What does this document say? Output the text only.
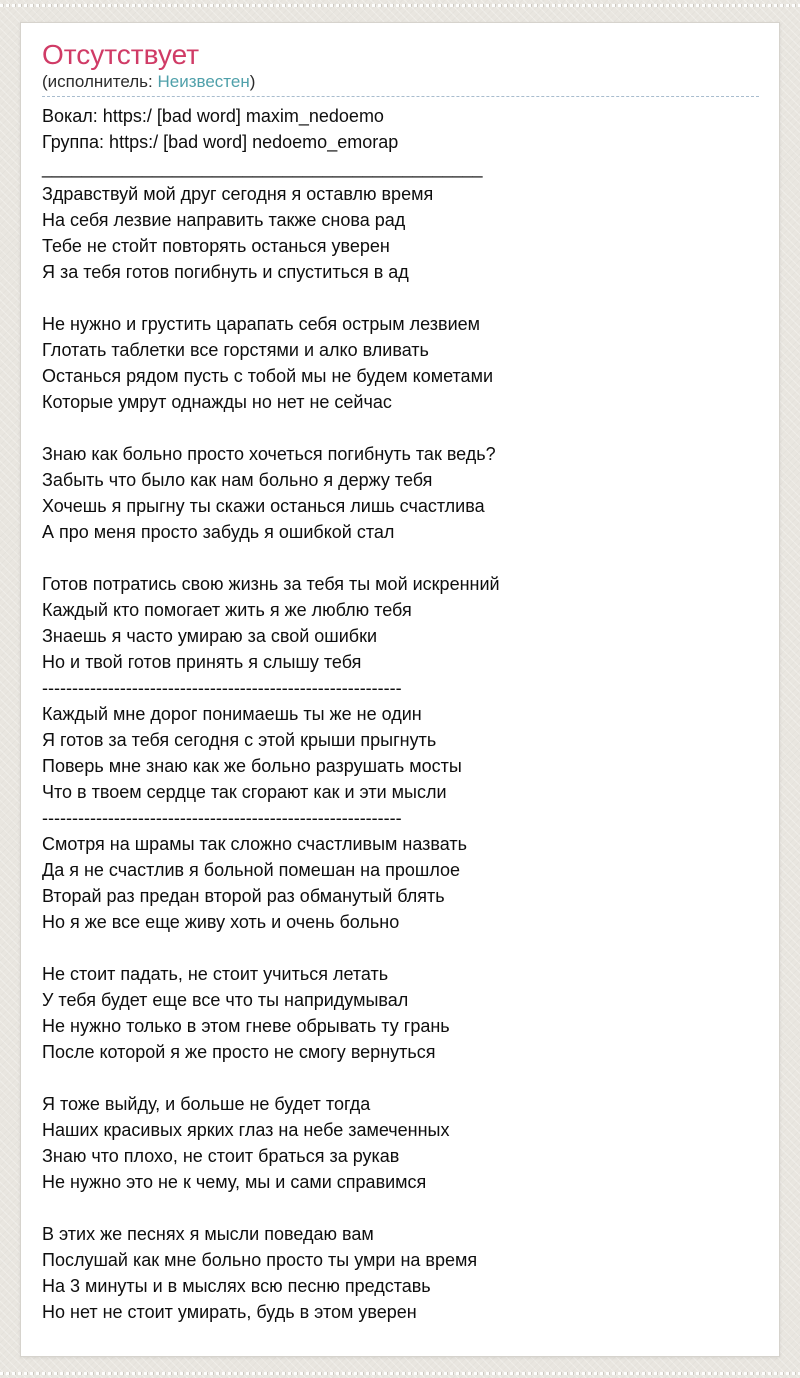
Отсутствует
(исполнитель: Неизвестен)
Вокал: https:/ [bad word] maxim_nedoemo
Группа: https:/ [bad word] nedoemo_emorap
____________________________________________
Здравствуй мой друг сегодня я оставлю время
На себя лезвие направить также снова рад
Тебе не стойт повторять останься уверен
Я за тебя готов погибнуть и спуститься в ад

Не нужно и грустить царапать себя острым лезвием
Глотать таблетки все горстями и алко вливать
Останься рядом пусть с тобой мы не будем кометами
Которые умрут однажды но нет не сейчас

Знаю как больно просто хочеться погибнуть так ведь?
Забыть что было как нам больно я держу тебя
Хочешь я прыгну ты скажи останься лишь счастлива
А про меня просто забудь я ошибкой стал

Готов потратись свою жизнь за тебя ты мой искренний
Каждый кто помогает жить я же люблю тебя
Знаешь я часто умираю за свой ошибки
Но и твой готов принять я слышу тебя
------------------------------------------------------------
Каждый мне дорог понимаешь ты же не один
Я готов за тебя сегодня с этой крыши прыгнуть
Поверь мне знаю как же больно разрушать мосты
Что в твоем сердце так сгорают как и эти мысли
------------------------------------------------------------
Смотря на шрамы так сложно счастливым назвать
Да я не счастлив я больной помешан на прошлое
Вторай раз предан второй раз обманутый блять
Но я же все еще живу хоть и очень больно

Не стоит падать, не стоит учиться летать
У тебя будет еще все что ты напридумывал
Не нужно только в этом гневе обрывать ту грань
После которой я же просто не смогу вернуться

Я тоже выйду, и больше не будет тогда
Наших красивых ярких глаз на небе замеченных
Знаю что плохо, не стоит браться за рукав
Не нужно это не к чему, мы и сами справимся

В этих же песнях я мысли поведаю вам
Послушай как мне больно просто ты умри на время
На 3 минуты и в мыслях всю песню представь
Но нет не стоит умирать, будь в этом уверен
